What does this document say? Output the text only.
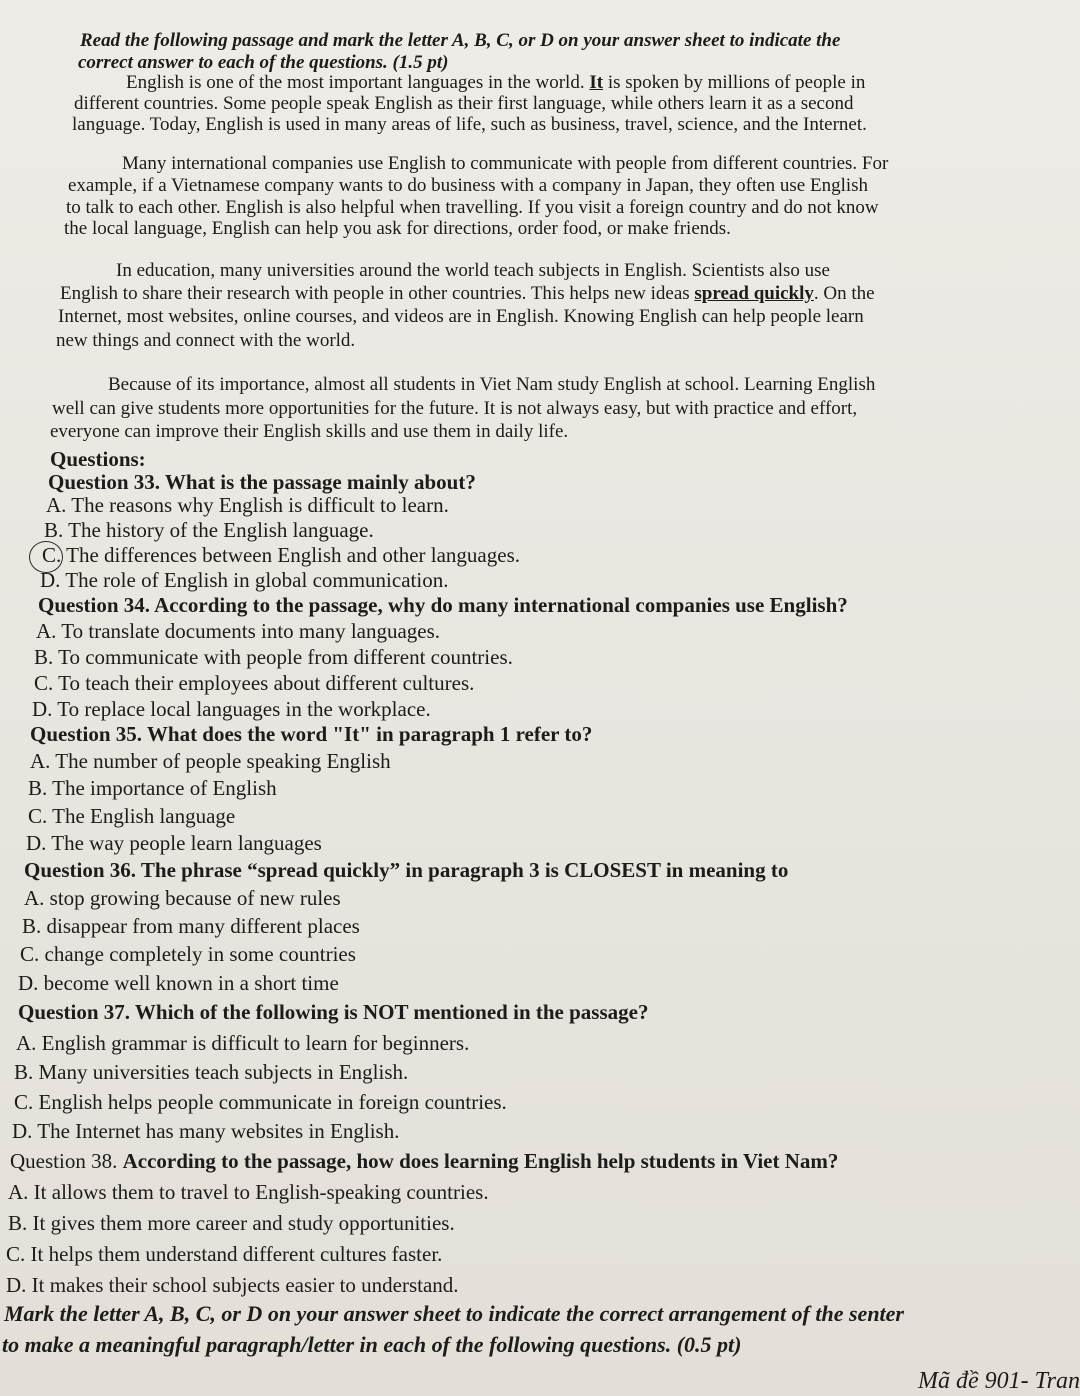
Read the following passage and mark the letter A, B, C, or D on your answer sheet to indicate the
correct answer to each of the questions. (1.5 pt)
English is one of the most important languages in the world. It is spoken by millions of people in
different countries. Some people speak English as their first language, while others learn it as a second
language. Today, English is used in many areas of life, such as business, travel, science, and the Internet.
Many international companies use English to communicate with people from different countries. For
example, if a Vietnamese company wants to do business with a company in Japan, they often use English
to talk to each other. English is also helpful when travelling. If you visit a foreign country and do not know
the local language, English can help you ask for directions, order food, or make friends.
In education, many universities around the world teach subjects in English. Scientists also use
English to share their research with people in other countries. This helps new ideas spread quickly. On the
Internet, most websites, online courses, and videos are in English. Knowing English can help people learn
new things and connect with the world.
Because of its importance, almost all students in Viet Nam study English at school. Learning English
well can give students more opportunities for the future. It is not always easy, but with practice and effort,
everyone can improve their English skills and use them in daily life.
Questions:
Question 33. What is the passage mainly about?
A. The reasons why English is difficult to learn.
B. The history of the English language.
C. The differences between English and other languages.
D. The role of English in global communication.
Question 34. According to the passage, why do many international companies use English?
A. To translate documents into many languages.
B. To communicate with people from different countries.
C. To teach their employees about different cultures.
D. To replace local languages in the workplace.
Question 35. What does the word "It" in paragraph 1 refer to?
A. The number of people speaking English
B. The importance of English
C. The English language
D. The way people learn languages
Question 36. The phrase “spread quickly” in paragraph 3 is CLOSEST in meaning to
A. stop growing because of new rules
B. disappear from many different places
C. change completely in some countries
D. become well known in a short time
Question 37. Which of the following is NOT mentioned in the passage?
A. English grammar is difficult to learn for beginners.
B. Many universities teach subjects in English.
C. English helps people communicate in foreign countries.
D. The Internet has many websites in English.
Question 38. According to the passage, how does learning English help students in Viet Nam?
A. It allows them to travel to English-speaking countries.
B. It gives them more career and study opportunities.
C. It helps them understand different cultures faster.
D. It makes their school subjects easier to understand.
Mark the letter A, B, C, or D on your answer sheet to indicate the correct arrangement of the senter
to make a meaningful paragraph/letter in each of the following questions. (0.5 pt)
Mã đề 901- Tran
